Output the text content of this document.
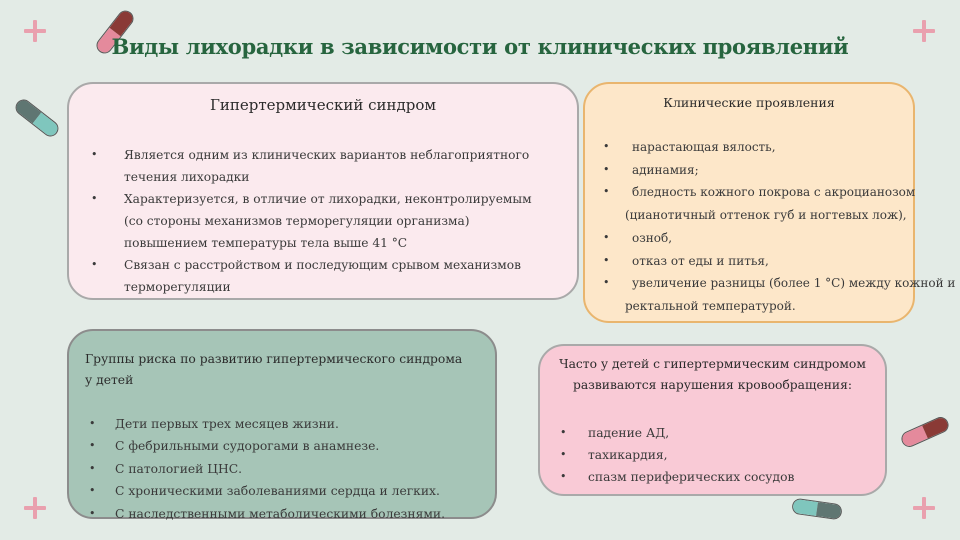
Виды лихорадки в зависимости от клинических проявлений
Гипертермический синдром
•	Является одним из клинических вариантов неблагоприятного течения лихорадки
•	Характеризуется, в отличие от лихорадки, неконтролируемым (со стороны механизмов терморегуляции организма) повышением температуры тела выше 41 °C
•	Связан с расстройством и последующим срывом механизмов терморегуляции
Клинические проявления
•	нарастающая вялость,
•	адинамия;
•	бледность кожного покрова с акроцианозом
(цианотичный оттенок губ и ногтевых лож),
•	озноб,
•	отказ от еды и питья,
•	увеличение разницы (более 1 °C) между кожной и
ректальной температурой.
Группы риска по развитию гипертермического синдрома у детей
• Дети первых трех месяцев жизни.
• С фебрильными судорогами в анамнезе.
• С патологией ЦНС.
• С хроническими заболеваниями сердца и легких.
• С наследственными метаболическими болезнями.
Часто у детей с гипертермическим синдромом развиваются нарушения кровообращения:
• падение АД,
• тахикардия,
• спазм периферических сосудов
